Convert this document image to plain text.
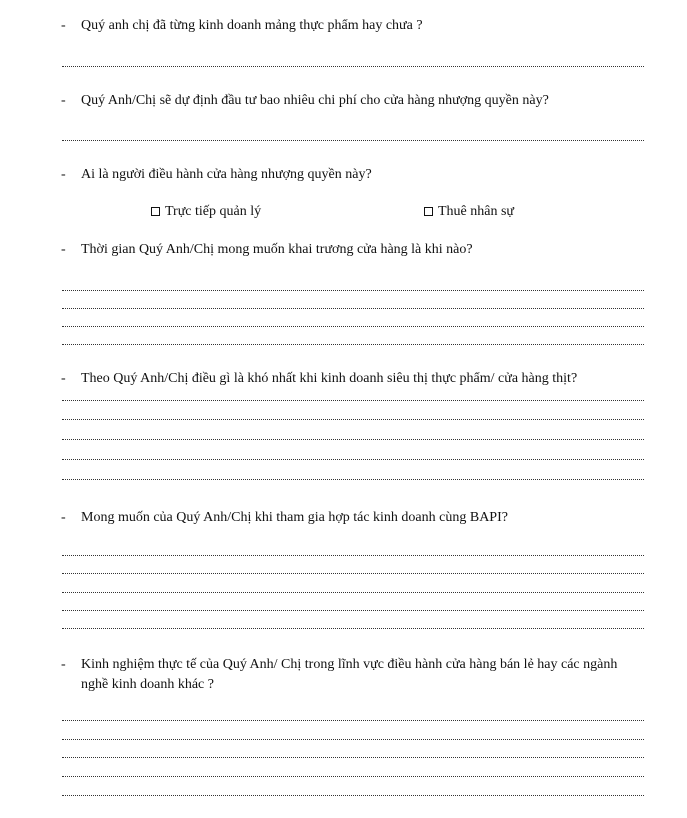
-	Quý anh chị đã từng kinh doanh mảng thực phẩm hay chưa ?
-	Quý Anh/Chị sẽ dự định đầu tư bao nhiêu chi phí cho cửa hàng nhượng quyền này?
-	Ai là người điều hành cửa hàng nhượng quyền này?
Trực tiếp quản lý	Thuê nhân sự
-	Thời gian Quý Anh/Chị mong muốn khai trương cửa hàng là khi nào?
-	Theo Quý Anh/Chị điều gì là khó nhất khi kinh doanh siêu thị thực phẩm/ cửa hàng thịt?
-	Mong muốn của Quý Anh/Chị khi tham gia hợp tác kinh doanh cùng BAPI?
-	Kinh nghiệm thực tế của Quý Anh/ Chị trong lĩnh vực điều hành cửa hàng bán lẻ hay các ngành nghề kinh doanh khác ?
